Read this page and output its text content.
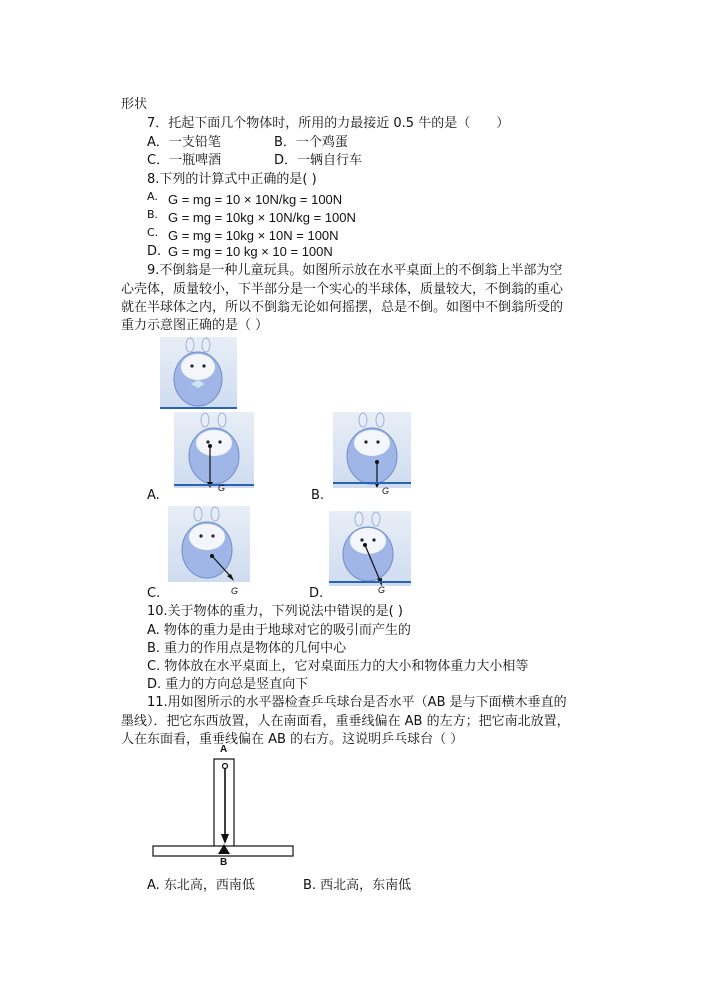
形状
7．托起下面几个物体时，所用的力最接近 0.5 牛的是（　　）
A．一支铅笔	B．一个鸡蛋
C．一瓶啤酒	D．一辆自行车
8.下列的计算式中正确的是( )
A. G = mg = 10 × 10N/kg = 100N
B. G = mg = 10kg × 10N/kg = 100N
C. G = mg = 10kg × 10N = 100N
D. G = mg = 10 kg × 10 = 100N
9.不倒翁是一种儿童玩具。如图所示放在水平桌面上的不倒翁上半部为空
心壳体，质量较小，下半部分是一个实心的半球体，质量较大，不倒翁的重心
就在半球体之内，所以不倒翁无论如何摇摆，总是不倒。如图中不倒翁所受的
重力示意图正确的是（ ）
A.	G	B.	G
C.	G	D.	G
10.关于物体的重力，下列说法中错误的是( )
A. 物体的重力是由于地球对它的吸引而产生的
B. 重力的作用点是物体的几何中心
C. 物体放在水平桌面上，它对桌面压力的大小和物体重力大小相等
D. 重力的方向总是竖直向下
11.用如图所示的水平器检查乒乓球台是否水平（AB 是与下面横木垂直的
墨线）．把它东西放置，人在南面看，重垂线偏在 AB 的左方；把它南北放置，
人在东面看，重垂线偏在 AB 的右方。这说明乒乓球台（ ）
A
B
A. 东北高，西南低	B. 西北高，东南低
